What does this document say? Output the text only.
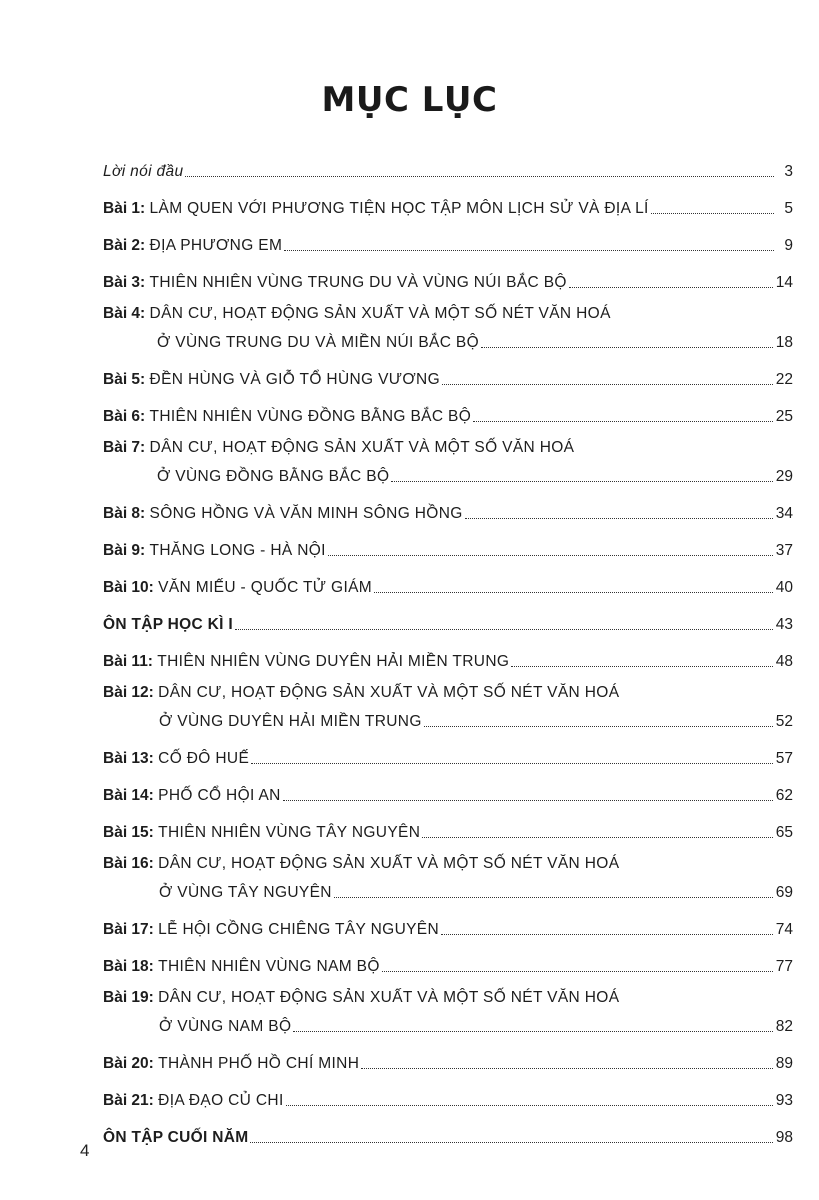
MỤC LỤC
Lời nói đầu	3
Bài 1: LÀM QUEN VỚI PHƯƠNG TIỆN HỌC TẬP MÔN LỊCH SỬ VÀ ĐỊA LÍ	5
Bài 2: ĐỊA PHƯƠNG EM	9
Bài 3: THIÊN NHIÊN VÙNG TRUNG DU VÀ VÙNG NÚI BẮC BỘ	14
Bài 4: DÂN CƯ, HOẠT ĐỘNG SẢN XUẤT VÀ MỘT SỐ NÉT VĂN HOÁ
Ở VÙNG TRUNG DU VÀ MIỀN NÚI BẮC BỘ	18
Bài 5: ĐỀN HÙNG VÀ GIỖ TỔ HÙNG VƯƠNG	22
Bài 6: THIÊN NHIÊN VÙNG ĐỒNG BẰNG BẮC BỘ	25
Bài 7: DÂN CƯ, HOẠT ĐỘNG SẢN XUẤT VÀ MỘT SỐ VĂN HOÁ
Ở VÙNG ĐỒNG BẰNG BẮC BỘ	29
Bài 8: SÔNG HỒNG VÀ VĂN MINH SÔNG HỒNG	34
Bài 9: THĂNG LONG - HÀ NỘI	37
Bài 10: VĂN MIẾU - QUỐC TỬ GIÁM	40
ÔN TẬP HỌC KÌ I	43
Bài 11: THIÊN NHIÊN VÙNG DUYÊN HẢI MIỀN TRUNG	48
Bài 12: DÂN CƯ, HOẠT ĐỘNG SẢN XUẤT VÀ MỘT SỐ NÉT VĂN HOÁ
Ở VÙNG DUYÊN HẢI MIỀN TRUNG	52
Bài 13: CỐ ĐÔ HUẾ	57
Bài 14: PHỐ CỔ HỘI AN	62
Bài 15: THIÊN NHIÊN VÙNG TÂY NGUYÊN	65
Bài 16: DÂN CƯ, HOẠT ĐỘNG SẢN XUẤT VÀ MỘT SỐ NÉT VĂN HOÁ
Ở VÙNG TÂY NGUYÊN	69
Bài 17: LỄ HỘI CỒNG CHIÊNG TÂY NGUYÊN	74
Bài 18: THIÊN NHIÊN VÙNG NAM BỘ	77
Bài 19: DÂN CƯ, HOẠT ĐỘNG SẢN XUẤT VÀ MỘT SỐ NÉT VĂN HOÁ
Ở VÙNG NAM BỘ	82
Bài 20: THÀNH PHỐ HỒ CHÍ MINH	89
Bài 21: ĐỊA ĐẠO CỦ CHI	93
ÔN TẬP CUỐI NĂM	98
4
